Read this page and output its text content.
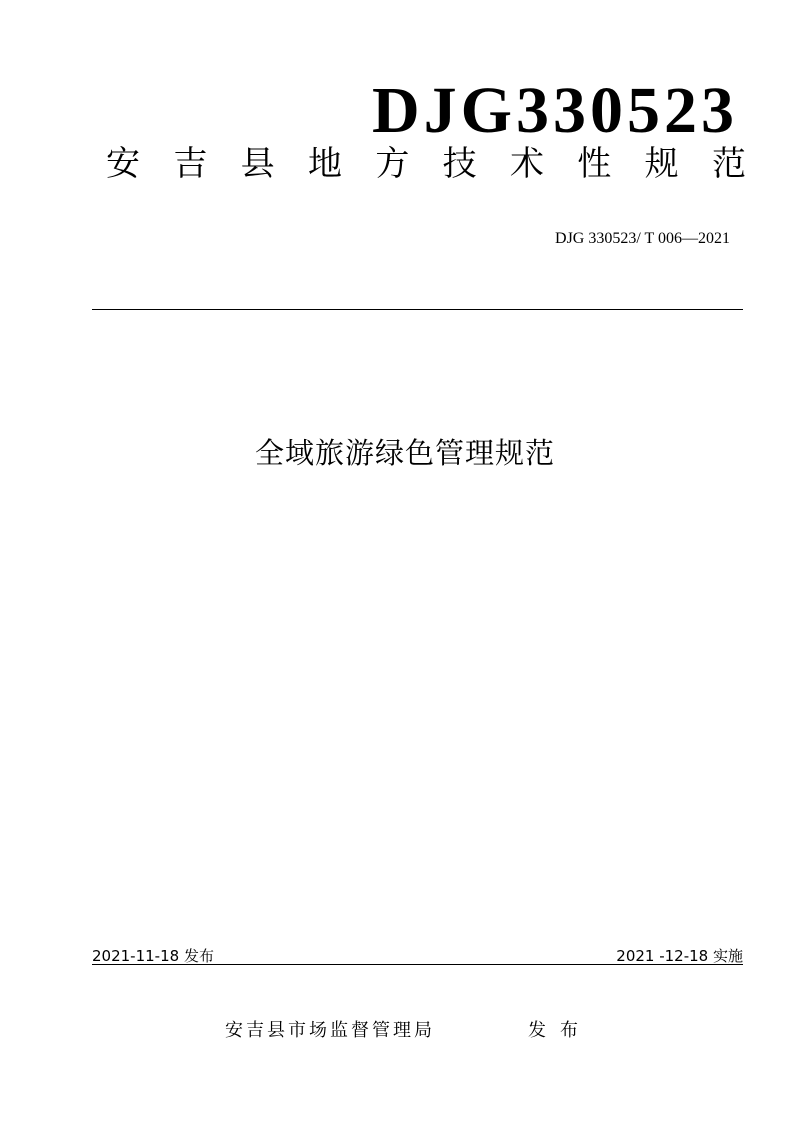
DJG330523
安 吉 县 地 方 技 术 性 规 范
DJG 330523/ T 006—2021
全域旅游绿色管理规范
2021-11-18 发布	2021 -12-18 实施
安吉县市场监督管理局	发布
